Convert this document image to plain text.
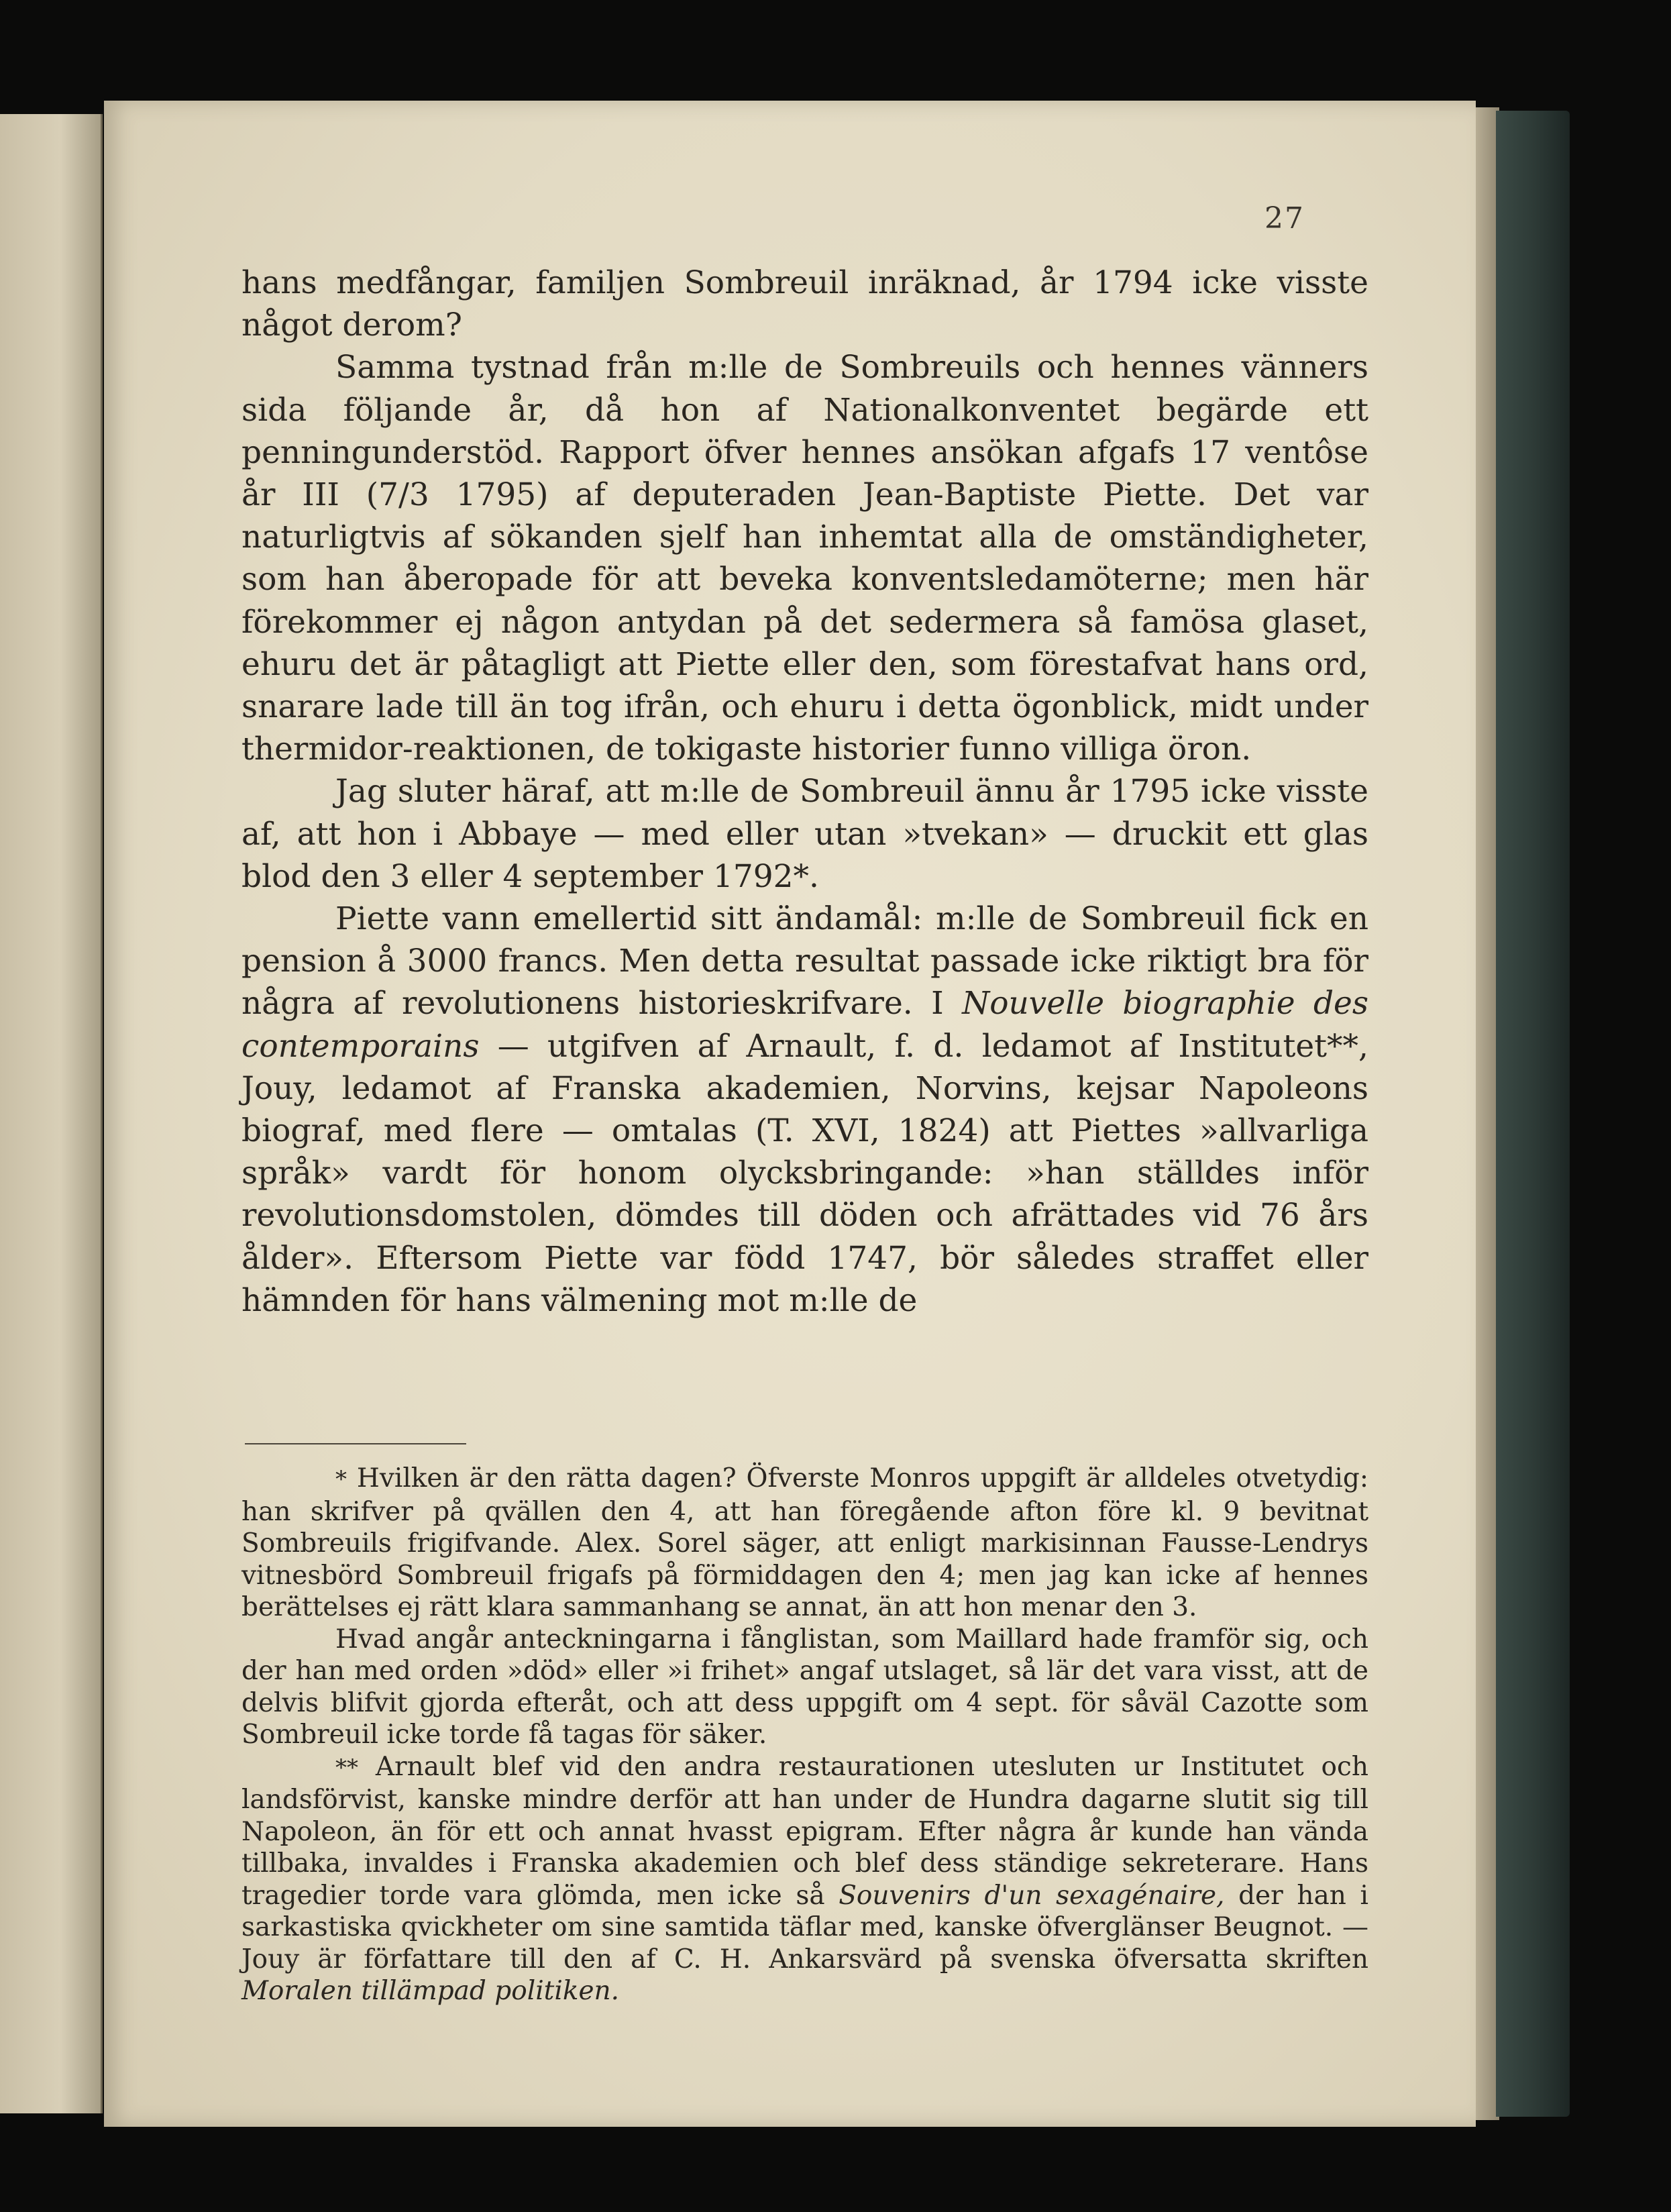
27

hans medfångar, familjen Sombreuil inräknad, år 1794 icke visste något derom?

Samma tystnad från m:lle de Sombreuils och hennes vänners sida följande år, då hon af Nationalkonventet begärde ett penningunderstöd. Rapport öfver hennes ansökan afgafs 17 ventôse år III (7/3 1795) af deputeraden Jean-Baptiste Piette. Det var naturligtvis af sökanden sjelf han inhemtat alla de omständigheter, som han åberopade för att beveka konventsledamöterne; men här förekommer ej någon antydan på det sedermera så famösa glaset, ehuru det är påtagligt att Piette eller den, som förestafvat hans ord, snarare lade till än tog ifrån, och ehuru i detta ögonblick, midt under thermidor-reaktionen, de tokigaste historier funno villiga öron.

Jag sluter häraf, att m:lle de Sombreuil ännu år 1795 icke visste af, att hon i Abbaye — med eller utan »tvekan» — druckit ett glas blod den 3 eller 4 september 1792*.

Piette vann emellertid sitt ändamål: m:lle de Sombreuil fick en pension å 3000 francs. Men detta resultat passade icke riktigt bra för några af revolutionens historieskrifvare. I Nouvelle biographie des contemporains — utgifven af Arnault, f. d. ledamot af Institutet**, Jouy, ledamot af Franska akademien, Norvins, kejsar Napoleons biograf, med flere — omtalas (T. XVI, 1824) att Piettes »allvarliga språk» vardt för honom olycksbringande: »han ställdes inför revolutionsdomstolen, dömdes till döden och afrättades vid 76 års ålder». Eftersom Piette var född 1747, bör således straffet eller hämnden för hans välmening mot m:lle de

* Hvilken är den rätta dagen? Öfverste Monros uppgift är alldeles otvetydig: han skrifver på qvällen den 4, att han föregående afton före kl. 9 bevitnat Sombreuils frigifvande. Alex. Sorel säger, att enligt markisinnan Fausse-Lendrys vitnesbörd Sombreuil frigafs på förmiddagen den 4; men jag kan icke af hennes berättelses ej rätt klara sammanhang se annat, än att hon menar den 3.

Hvad angår anteckningarna i fånglistan, som Maillard hade framför sig, och der han med orden »död» eller »i frihet» angaf utslaget, så lär det vara visst, att de delvis blifvit gjorda efteråt, och att dess uppgift om 4 sept. för såväl Cazotte som Sombreuil icke torde få tagas för säker.

** Arnault blef vid den andra restaurationen utesluten ur Institutet och landsförvist, kanske mindre derför att han under de Hundra dagarne slutit sig till Napoleon, än för ett och annat hvasst epigram. Efter några år kunde han vända tillbaka, invaldes i Franska akademien och blef dess ständige sekreterare. Hans tragedier torde vara glömda, men icke så Souvenirs d'un sexagénaire, der han i sarkastiska qvickheter om sine samtida täflar med, kanske öfverglänser Beugnot. — Jouy är författare till den af C. H. Ankarsvärd på svenska öfversatta skriften Moralen tillämpad politiken.
